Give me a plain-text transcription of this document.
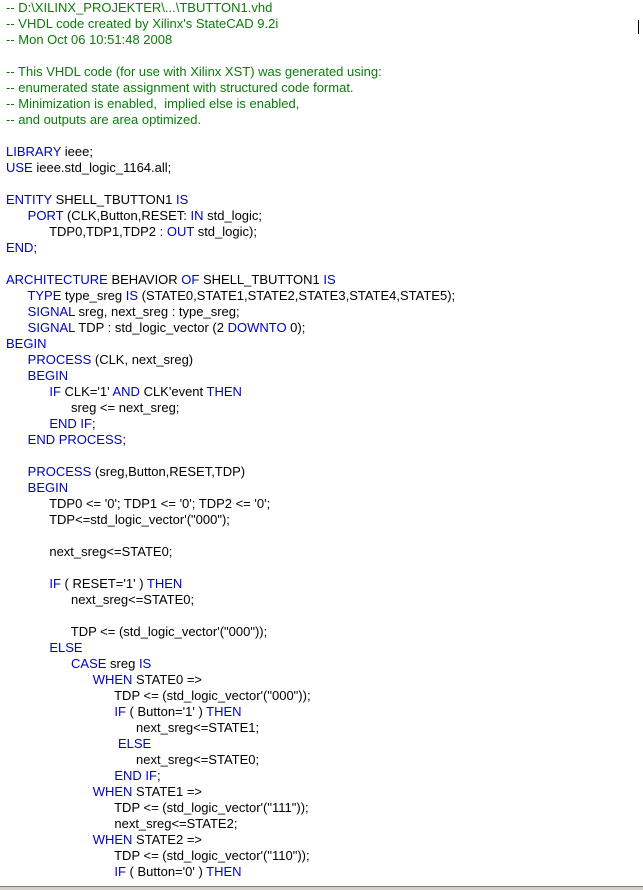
-- D:\XILINX_PROJEKTER\...\TBUTTON1.vhd
-- VHDL code created by Xilinx's StateCAD 9.2i
-- Mon Oct 06 10:51:48 2008
-- This VHDL code (for use with Xilinx XST) was generated using:
-- enumerated state assignment with structured code format.
-- Minimization is enabled,  implied else is enabled,
-- and outputs are area optimized.
LIBRARY ieee;
USE ieee.std_logic_1164.all;
ENTITY SHELL_TBUTTON1 IS
PORT (CLK,Button,RESET: IN std_logic;
TDP0,TDP1,TDP2 : OUT std_logic);
END;
ARCHITECTURE BEHAVIOR OF SHELL_TBUTTON1 IS
TYPE type_sreg IS (STATE0,STATE1,STATE2,STATE3,STATE4,STATE5);
SIGNAL sreg, next_sreg : type_sreg;
SIGNAL TDP : std_logic_vector (2 DOWNTO 0);
BEGIN
PROCESS (CLK, next_sreg)
BEGIN
IF CLK='1' AND CLK'event THEN
sreg <= next_sreg;
END IF;
END PROCESS;
PROCESS (sreg,Button,RESET,TDP)
BEGIN
TDP0 <= '0'; TDP1 <= '0'; TDP2 <= '0';
TDP<=std_logic_vector'("000");
next_sreg<=STATE0;
IF ( RESET='1' ) THEN
next_sreg<=STATE0;
TDP <= (std_logic_vector'("000"));
ELSE
CASE sreg IS
WHEN STATE0 =>
TDP <= (std_logic_vector'("000"));
IF ( Button='1' ) THEN
next_sreg<=STATE1;
ELSE
next_sreg<=STATE0;
END IF;
WHEN STATE1 =>
TDP <= (std_logic_vector'("111"));
next_sreg<=STATE2;
WHEN STATE2 =>
TDP <= (std_logic_vector'("110"));
IF ( Button='0' ) THEN
